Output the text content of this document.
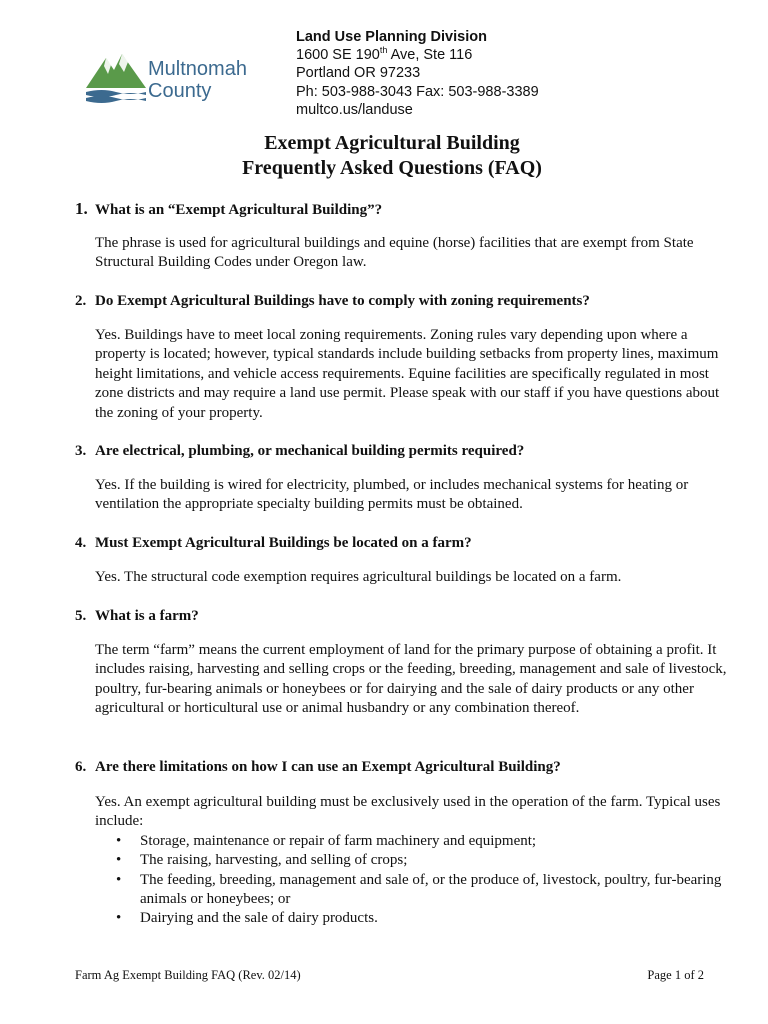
Multnomah
County
Land Use Planning Division
1600 SE 190th Ave, Ste 116
Portland OR 97233
Ph: 503-988-3043 Fax: 503-988-3389
multco.us/landuse
Exempt Agricultural Building
Frequently Asked Questions (FAQ)
1. What is an “Exempt Agricultural Building”?

The phrase is used for agricultural buildings and equine (horse) facilities that are exempt from State Structural Building Codes under Oregon law.

2. Do Exempt Agricultural Buildings have to comply with zoning requirements?

Yes. Buildings have to meet local zoning requirements. Zoning rules vary depending upon where a property is located; however, typical standards include building setbacks from property lines, maximum height limitations, and vehicle access requirements. Equine facilities are specifically regulated in most zone districts and may require a land use permit. Please speak with our staff if you have questions about the zoning of your property.

3. Are electrical, plumbing, or mechanical building permits required?

Yes. If the building is wired for electricity, plumbed, or includes mechanical systems for heating or ventilation the appropriate specialty building permits must be obtained.

4. Must Exempt Agricultural Buildings be located on a farm?

Yes. The structural code exemption requires agricultural buildings be located on a farm.

5. What is a farm?

The term “farm” means the current employment of land for the primary purpose of obtaining a profit. It includes raising, harvesting and selling crops or the feeding, breeding, management and sale of livestock, poultry, fur-bearing animals or honeybees or for dairying and the sale of dairy products or any other agricultural or horticultural use or animal husbandry or any combination thereof.

6. Are there limitations on how I can use an Exempt Agricultural Building?

Yes. An exempt agricultural building must be exclusively used in the operation of the farm. Typical uses include:

• Storage, maintenance or repair of farm machinery and equipment;
• The raising, harvesting, and selling of crops;
• The feeding, breeding, management and sale of, or the produce of, livestock, poultry, fur-bearing animals or honeybees; or
• Dairying and the sale of dairy products.
Farm Ag Exempt Building FAQ (Rev. 02/14)	Page 1 of 2
